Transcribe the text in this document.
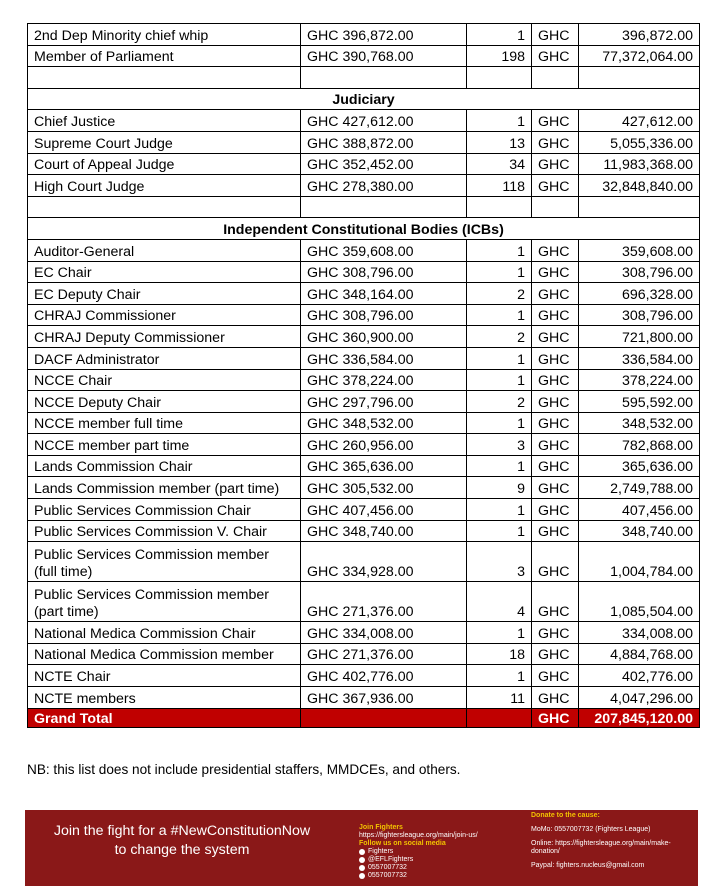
2nd Dep Minority chief whip	GHC 396,872.00	1	GHC	396,872.00
Member of Parliament	GHC 390,768.00	198	GHC	77,372,064.00

Judiciary				
Chief Justice	GHC 427,612.00	1	GHC	427,612.00
Supreme Court Judge	GHC 388,872.00	13	GHC	5,055,336.00
Court of Appeal Judge	GHC 352,452.00	34	GHC	11,983,368.00
High Court Judge	GHC 278,380.00	118	GHC	32,848,840.00

Independent Constitutional Bodies (ICBs)				
Auditor-General	GHC 359,608.00	1	GHC	359,608.00
EC Chair	GHC 308,796.00	1	GHC	308,796.00
EC Deputy Chair	GHC 348,164.00	2	GHC	696,328.00
CHRAJ Commissioner	GHC 308,796.00	1	GHC	308,796.00
CHRAJ Deputy Commissioner	GHC 360,900.00	2	GHC	721,800.00
DACF Administrator	GHC 336,584.00	1	GHC	336,584.00
NCCE Chair	GHC 378,224.00	1	GHC	378,224.00
NCCE Deputy Chair	GHC 297,796.00	2	GHC	595,592.00
NCCE member full time	GHC 348,532.00	1	GHC	348,532.00
NCCE member part time	GHC 260,956.00	3	GHC	782,868.00
Lands Commission Chair	GHC 365,636.00	1	GHC	365,636.00
Lands Commission member (part time)	GHC 305,532.00	9	GHC	2,749,788.00
Public Services Commission Chair	GHC 407,456.00	1	GHC	407,456.00
Public Services Commission V. Chair	GHC 348,740.00	1	GHC	348,740.00
Public Services Commission member (full time)	GHC 334,928.00	3	GHC	1,004,784.00
Public Services Commission member (part time)	GHC 271,376.00	4	GHC	1,085,504.00
National Medica Commission Chair	GHC 334,008.00	1	GHC	334,008.00
National Medica Commission member	GHC 271,376.00	18	GHC	4,884,768.00
NCTE Chair	GHC 402,776.00	1	GHC	402,776.00
NCTE members	GHC 367,936.00	11	GHC	4,047,296.00
Grand Total			GHC	207,845,120.00
NB: this list does not include presidential staffers, MMDCEs, and others.
Join the fight for a #NewConstitutionNow
to change the system
Join Fighters https://fightersleague.org/main/join-us/
Follow us on social media
Fighters
@EFLFighters
0557007732
0557007732

Donate to the cause:

MoMo: 0557007732 (Fighters League)

Online: https://fightersleague.org/main/make-donation/

Paypal: fighters.nucleus@gmail.com
